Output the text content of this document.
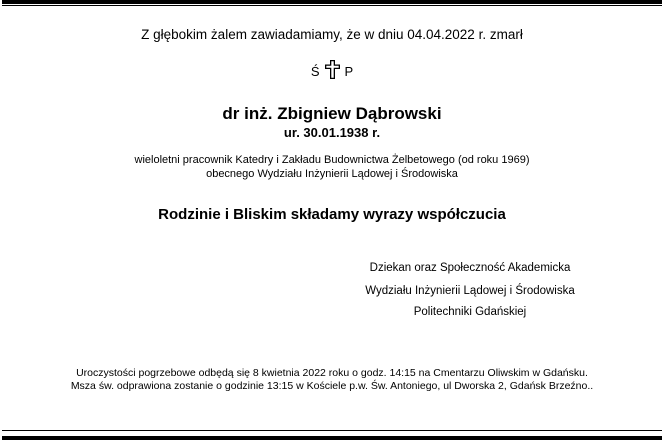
Z głębokim żalem zawiadamiamy, że w dniu 04.04.2022 r. zmarł
Ś P
dr inż. Zbigniew Dąbrowski
ur. 30.01.1938 r.
wieloletni pracownik Katedry i Zakładu Budownictwa Żelbetowego (od roku 1969)
obecnego Wydziału Inżynierii Lądowej i Środowiska
Rodzinie i Bliskim składamy wyrazy współczucia
Dziekan oraz Społeczność Akademicka
Wydziału Inżynierii Lądowej i Środowiska
Politechniki Gdańskiej
Uroczystości pogrzebowe odbędą się 8 kwietnia 2022 roku o godz. 14:15 na Cmentarzu Oliwskim w Gdańsku.
Msza św. odprawiona zostanie o godzinie 13:15 w Kościele p.w. Św. Antoniego, ul Dworska 2, Gdańsk Brzeźno..
